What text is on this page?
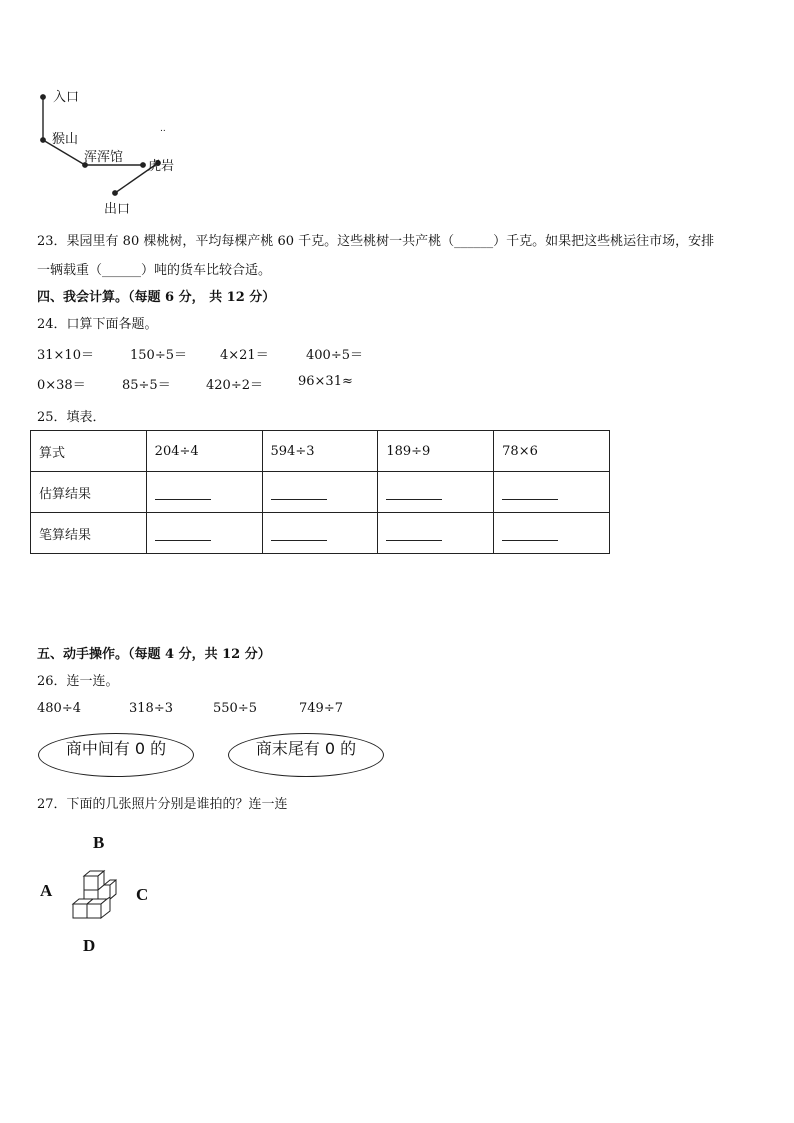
入口
猴山
浑浑馆
虎岩
出口
..
23．果园里有 80 棵桃树，平均每棵产桃 60 千克。这些桃树一共产桃（______）千克。如果把这些桃运往市场，安排
一辆载重（______）吨的货车比较合适。
四、我会计算。（每题 6 分， 共 12 分）
24．口算下面各题。
31×10＝	150÷5＝	4×21＝	400÷5＝
0×38＝	85÷5＝	420÷2＝	96×31≈
25．填表．
算式	204÷4	594÷3	189÷9	78×6
估算结果				
笔算结果				
五、动手操作。（每题 4 分，共 12 分）
26．连一连。
480÷4	318÷3	550÷5	749÷7
商中间有 0 的	商末尾有 0 的
27．下面的几张照片分别是谁拍的？连一连
B
A	C
D
